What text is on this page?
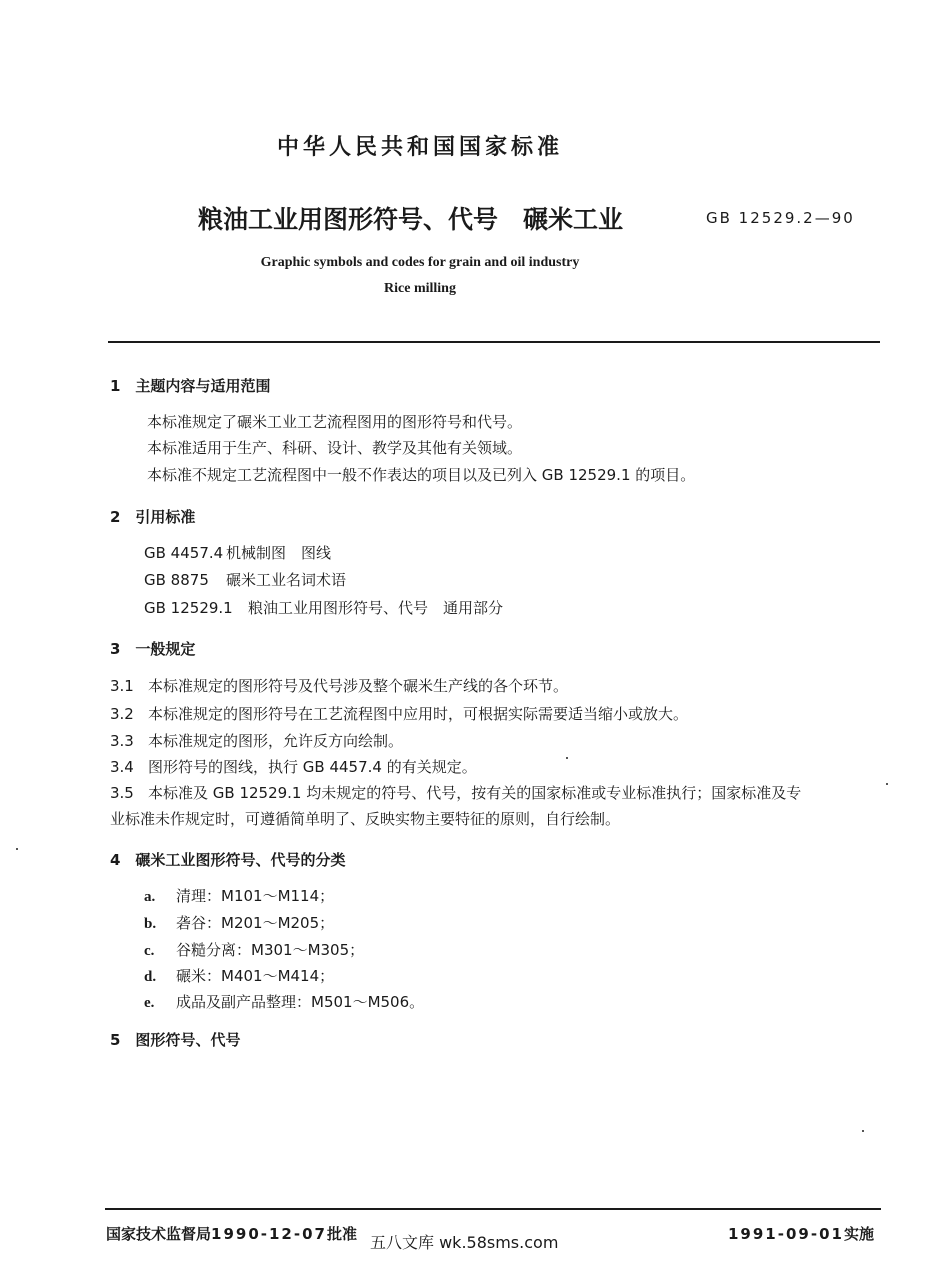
中华人民共和国国家标准
粮油工业用图形符号、代号　碾米工业	GB 12529.2—90
Graphic symbols and codes for grain and oil industry
Rice milling
1　主题内容与适用范围
本标准规定了碾米工业工艺流程图用的图形符号和代号。
本标准适用于生产、科研、设计、教学及其他有关领域。
本标准不规定工艺流程图中一般不作表达的项目以及已列入 GB 12529.1 的项目。
2　引用标准
GB 4457.4 机械制图　图线
GB 8875 碾米工业名词术语
GB 12529.1 粮油工业用图形符号、代号　通用部分
3　一般规定
3.1 本标准规定的图形符号及代号涉及整个碾米生产线的各个环节。
3.2 本标准规定的图形符号在工艺流程图中应用时，可根据实际需要适当缩小或放大。
3.3 本标准规定的图形，允许反方向绘制。
3.4 图形符号的图线，执行 GB 4457.4 的有关规定。
3.5 本标准及 GB 12529.1 均未规定的符号、代号，按有关的国家标准或专业标准执行；国家标准及专
业标准未作规定时，可遵循简单明了、反映实物主要特征的原则，自行绘制。
4　碾米工业图形符号、代号的分类
a. 清理：M101～M114；
b. 砻谷：M201～M205；
c. 谷糙分离：M301～M305；
d. 碾米：M401～M414；
e. 成品及副产品整理：M501～M506。
5　图形符号、代号
国家技术监督局1990-12-07批准 五八文库 wk.58sms.com	1991-09-01实施
